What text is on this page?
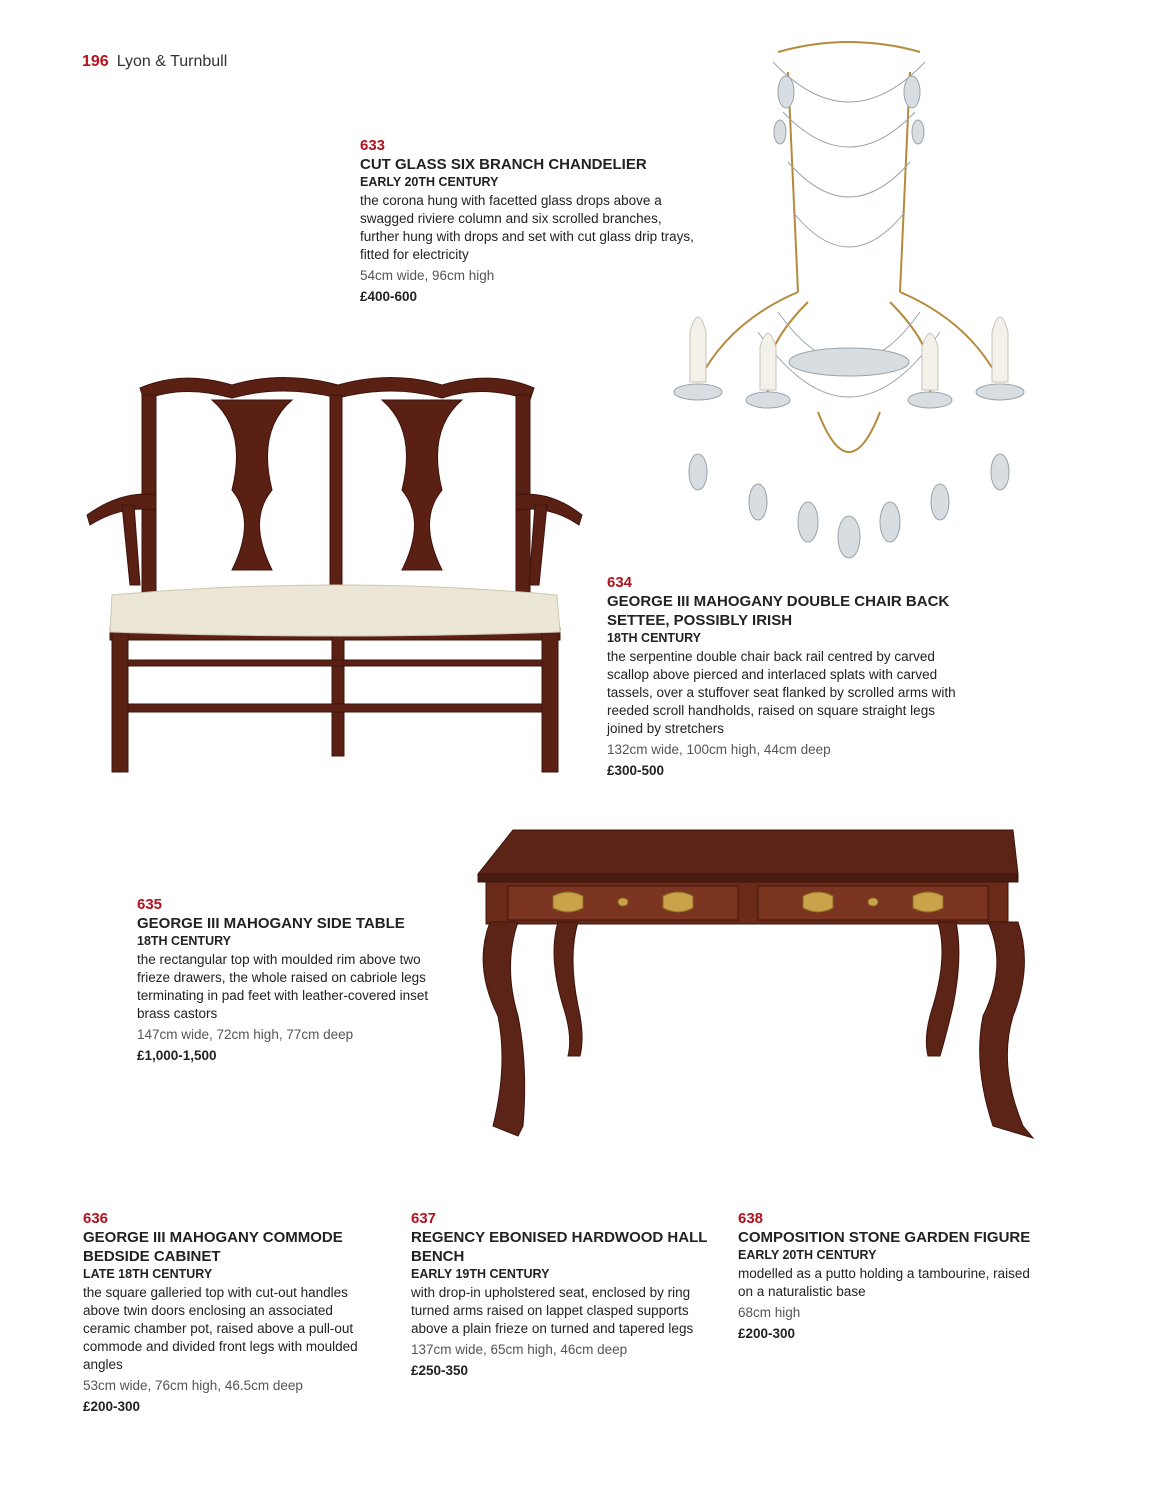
196 Lyon & Turnbull
633
CUT GLASS SIX BRANCH CHANDELIER
EARLY 20TH CENTURY
the corona hung with facetted glass drops above a swagged riviere column and six scrolled branches, further hung with drops and set with cut glass drip trays, fitted for electricity
54cm wide, 96cm high
£400-600
634
GEORGE III MAHOGANY DOUBLE CHAIR BACK SETTEE, POSSIBLY IRISH
18TH CENTURY
the serpentine double chair back rail centred by carved scallop above pierced and interlaced splats with carved tassels, over a stuffover seat flanked by scrolled arms with reeded scroll handholds, raised on square straight legs joined by stretchers
132cm wide, 100cm high, 44cm deep
£300-500
635
GEORGE III MAHOGANY SIDE TABLE
18TH CENTURY
the rectangular top with moulded rim above two frieze drawers, the whole raised on cabriole legs terminating in pad feet with leather-covered inset brass castors
147cm wide, 72cm high, 77cm deep
£1,000-1,500
636
GEORGE III MAHOGANY COMMODE BEDSIDE CABINET
LATE 18TH CENTURY
the square galleried top with cut-out handles above twin doors enclosing an associated ceramic chamber pot, raised above a pull-out commode and divided front legs with moulded angles
53cm wide, 76cm high, 46.5cm deep
£200-300
637
REGENCY EBONISED HARDWOOD HALL BENCH
EARLY 19TH CENTURY
with drop-in upholstered seat, enclosed by ring turned arms raised on lappet clasped supports above a plain frieze on turned and tapered legs
137cm wide, 65cm high, 46cm deep
£250-350
638
COMPOSITION STONE GARDEN FIGURE
EARLY 20TH CENTURY
modelled as a putto holding a tambourine, raised on a naturalistic base
68cm high
£200-300
